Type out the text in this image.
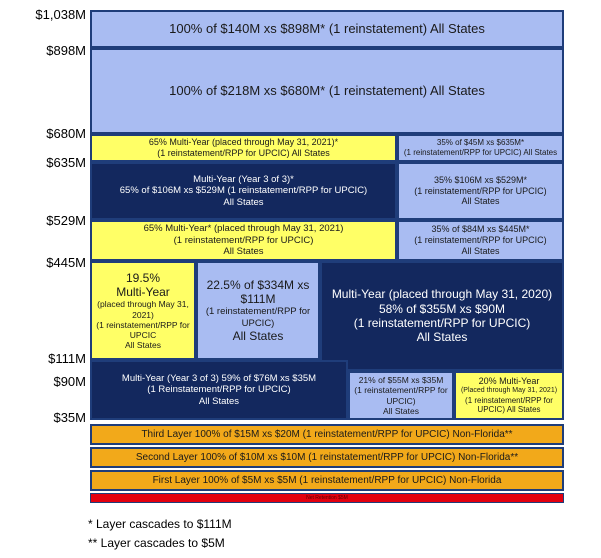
$1,038M
$898M
$680M
$635M
$529M
$445M
$111M
$90M
$35M
100% of $140M xs $898M* (1 reinstatement) All States
100% of $218M xs $680M* (1 reinstatement) All States
65% Multi-Year (placed through May 31, 2021)*
(1 reinstatement/RPP for UPCIC) All States
35% of $45M xs $635M*
(1 reinstatement/RPP for UPCIC) All States
Multi-Year (Year 3 of 3)*
65% of $106M xs $529M (1 reinstatement/RPP for UPCIC)
All States
35% $106M xs $529M*
(1 reinstatement/RPP for UPCIC)
All States
65% Multi-Year* (placed through May 31, 2021)
(1 reinstatement/RPP for UPCIC)
All States
35% of $84M xs $445M*
(1 reinstatement/RPP for UPCIC)
All States
19.5%
Multi-Year
(placed through May 31, 2021)
(1 reinstatement/RPP for UPCIC
All States
22.5% of $334M xs $111M
(1 reinstatement/RPP for UPCIC)
All States
Multi-Year (placed through May 31, 2020)
58% of $355M xs $90M
(1 reinstatement/RPP for UPCIC)
All States
Multi-Year (Year 3 of 3) 59% of $76M xs $35M
(1 Reinstatement/RPP for UPCIC)
All States
21% of $55M xs $35M
(1 reinstatement/RPP for UPCIC)
All States
20% Multi-Year
(Placed through May 31, 2021)
(1 reinstatement/RPP for UPCIC) All States
Third Layer 100% of $15M xs $20M (1 reinstatement/RPP for UPCIC) Non-Florida**
Second Layer 100% of $10M xs $10M (1 reinstatement/RPP for UPCIC) Non-Florida**
First Layer 100% of $5M xs $5M (1 reinstatement/RPP for UPCIC) Non-Florida
Net Retention $5M
* Layer cascades to $111M
** Layer cascades to $5M
